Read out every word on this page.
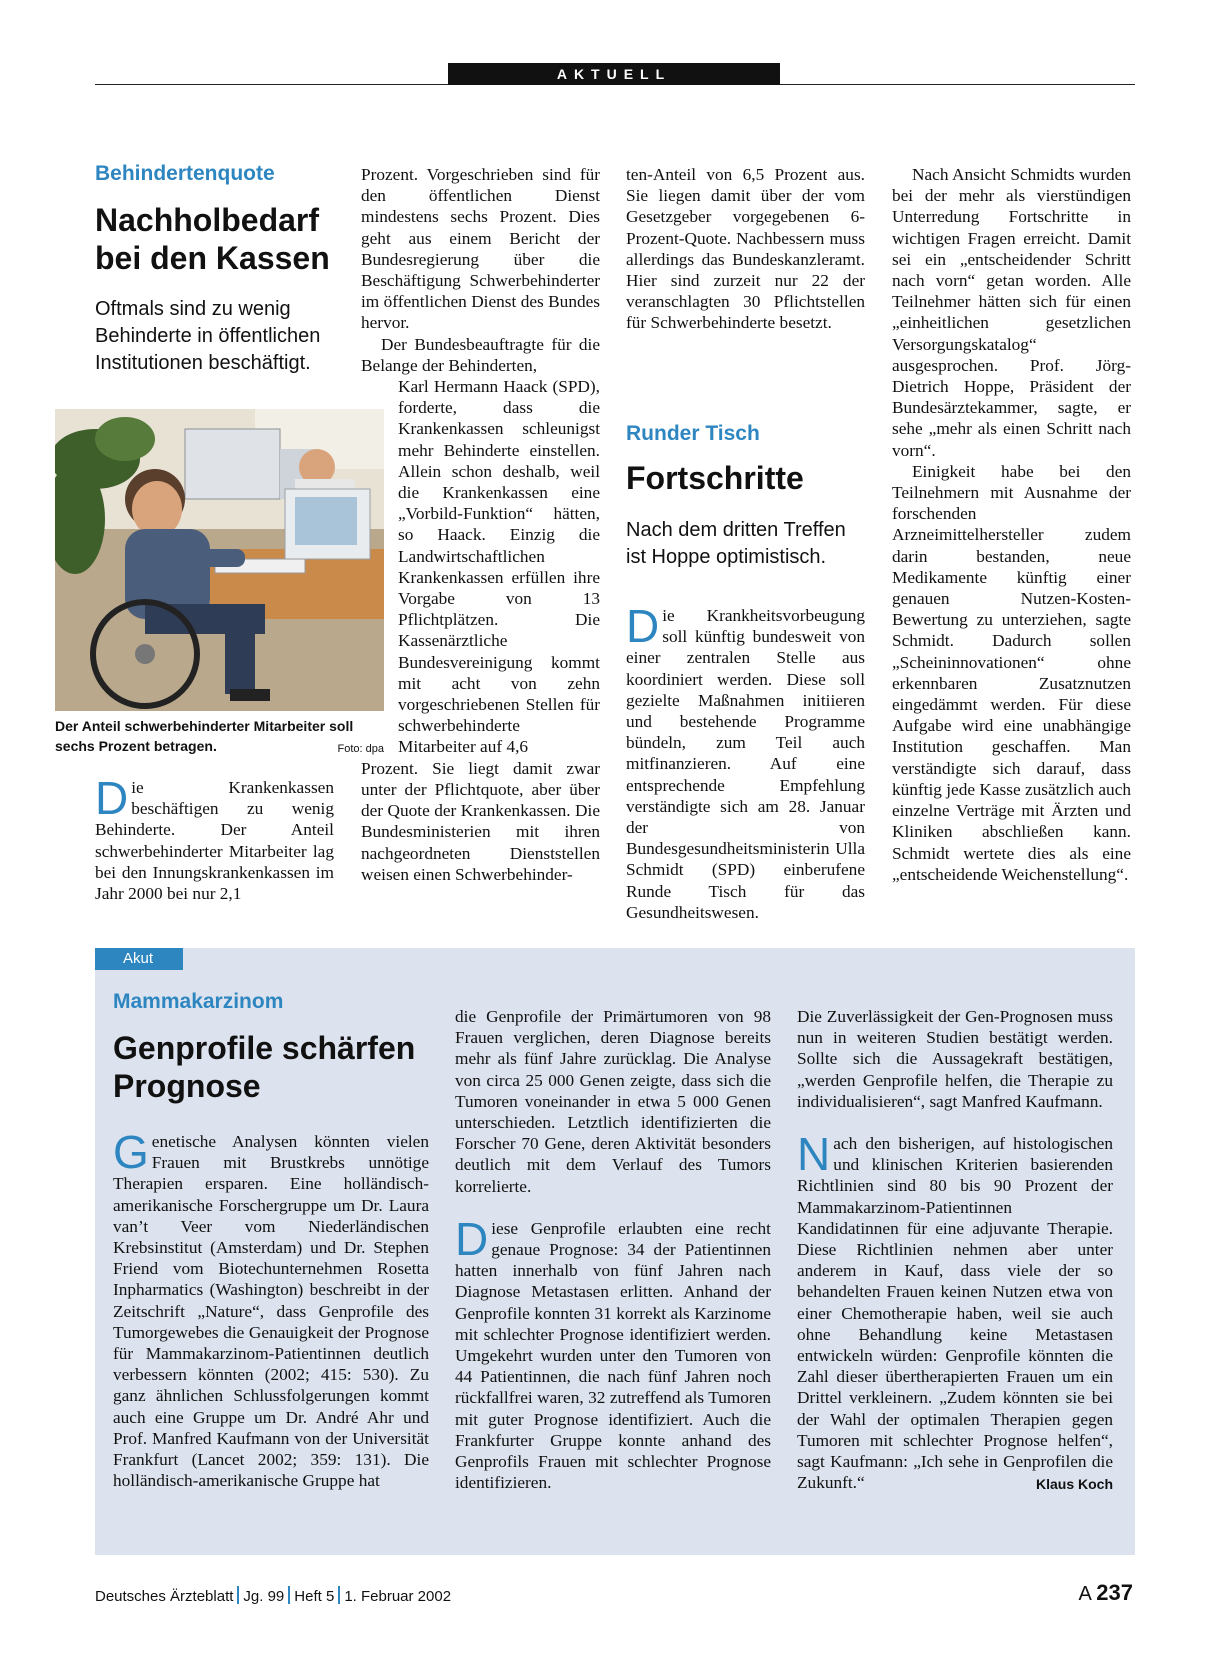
AKTUELL
Behindertenquote
Nachholbedarf
bei den Kassen
Oftmals sind zu wenig
Behinderte in öffentlichen
Institutionen beschäftigt.
Der Anteil schwerbehinderter Mitarbeiter soll sechs Prozent betragen.	Foto: dpa

Die Krankenkassen beschäftigen zu wenig Behinderte. Der Anteil schwerbehinderter Mitarbeiter lag bei den Innungskrankenkassen im Jahr 2000 bei nur 2,1

Prozent. Vorgeschrieben sind für den öffentlichen Dienst mindestens sechs Prozent. Dies geht aus einem Bericht der Bundesregierung über die Beschäftigung Schwerbehinderter im öffentlichen Dienst des Bundes hervor.

Der Bundesbeauftragte für die Belange der Behinderten,

Karl Hermann Haack (SPD), forderte, dass die Krankenkassen schleunigst mehr Behinderte einstellen. Allein schon deshalb, weil die Krankenkassen eine „Vorbild-Funktion“ hätten, so Haack. Einzig die Landwirtschaftlichen Krankenkassen erfüllen ihre Vorgabe von 13 Pflichtplätzen. Die Kassenärztliche Bundesvereinigung kommt mit acht von zehn vorgeschriebenen Stellen für schwerbehinderte Mitarbeiter auf 4,6

Prozent. Sie liegt damit zwar unter der Pflichtquote, aber über der Quote der Krankenkassen. Die Bundesministerien mit ihren nachgeordneten Dienststellen weisen einen Schwerbehinder-

ten-Anteil von 6,5 Prozent aus. Sie liegen damit über der vom Gesetzgeber vorgegebenen 6-Prozent-Quote. Nachbessern muss allerdings das Bundeskanzleramt. Hier sind zurzeit nur 22 der veranschlagten 30 Pflichtstellen für Schwerbehinderte besetzt.

Runder Tisch
Fortschritte
Nach dem dritten Treffen
ist Hoppe optimistisch.

Die Krankheitsvorbeugung soll künftig bundesweit von einer zentralen Stelle aus koordiniert werden. Diese soll gezielte Maßnahmen initiieren und bestehende Programme bündeln, zum Teil auch mitfinanzieren. Auf eine entsprechende Empfehlung verständigte sich am 28. Januar der von Bundesgesundheitsministerin Ulla Schmidt (SPD) einberufene Runde Tisch für das Gesundheitswesen.

Nach Ansicht Schmidts wurden bei der mehr als vierstündigen Unterredung Fortschritte in wichtigen Fragen erreicht. Damit sei ein „entscheidender Schritt nach vorn“ getan worden. Alle Teilnehmer hätten sich für einen „einheitlichen gesetzlichen Versorgungskatalog“ ausgesprochen. Prof. Jörg-Dietrich Hoppe, Präsident der Bundesärztekammer, sagte, er sehe „mehr als einen Schritt nach vorn“.

Einigkeit habe bei den Teilnehmern mit Ausnahme der forschenden Arzneimittelhersteller zudem darin bestanden, neue Medikamente künftig einer genauen Nutzen-Kosten-Bewertung zu unterziehen, sagte Schmidt. Dadurch sollen „Scheininnovationen“ ohne erkennbaren Zusatznutzen eingedämmt werden. Für diese Aufgabe wird eine unabhängige Institution geschaffen. Man verständigte sich darauf, dass künftig jede Kasse zusätzlich auch einzelne Verträge mit Ärzten und Kliniken abschließen kann. Schmidt wertete dies als eine „entscheidende Weichenstellung“.

Akut
Mammakarzinom
Genprofile schärfen
Prognose

Genetische Analysen könnten vielen Frauen mit Brustkrebs unnötige Therapien ersparen. Eine holländisch-amerikanische Forschergruppe um Dr. Laura van’t Veer vom Niederländischen Krebsinstitut (Amsterdam) und Dr. Stephen Friend vom Biotechunternehmen Rosetta Inpharmatics (Washington) beschreibt in der Zeitschrift „Nature“, dass Genprofile des Tumorgewebes die Genauigkeit der Prognose für Mammakarzinom-Patientinnen deutlich verbessern könnten (2002; 415: 530). Zu ganz ähnlichen Schlussfolgerungen kommt auch eine Gruppe um Dr. André Ahr und Prof. Manfred Kaufmann von der Universität Frankfurt (Lancet 2002; 359: 131). Die holländisch-amerikanische Gruppe hat

die Genprofile der Primärtumoren von 98 Frauen verglichen, deren Diagnose bereits mehr als fünf Jahre zurücklag. Die Analyse von circa 25 000 Genen zeigte, dass sich die Tumoren voneinander in etwa 5 000 Genen unterschieden. Letztlich identifizierten die Forscher 70 Gene, deren Aktivität besonders deutlich mit dem Verlauf des Tumors korrelierte.

Diese Genprofile erlaubten eine recht genaue Prognose: 34 der Patientinnen hatten innerhalb von fünf Jahren nach Diagnose Metastasen erlitten. Anhand der Genprofile konnten 31 korrekt als Karzinome mit schlechter Prognose identifiziert werden. Umgekehrt wurden unter den Tumoren von 44 Patientinnen, die nach fünf Jahren noch rückfallfrei waren, 32 zutreffend als Tumoren mit guter Prognose identifiziert. Auch die Frankfurter Gruppe konnte anhand des Genprofils Frauen mit schlechter Prognose identifizieren.

Die Zuverlässigkeit der Gen-Prognosen muss nun in weiteren Studien bestätigt werden. Sollte sich die Aussagekraft bestätigen, „werden Genprofile helfen, die Therapie zu individualisieren“, sagt Manfred Kaufmann.

Nach den bisherigen, auf histologischen und klinischen Kriterien basierenden Richtlinien sind 80 bis 90 Prozent der Mammakarzinom-Patientinnen Kandidatinnen für eine adjuvante Therapie. Diese Richtlinien nehmen aber unter anderem in Kauf, dass viele der so behandelten Frauen keinen Nutzen etwa von einer Chemotherapie haben, weil sie auch ohne Behandlung keine Metastasen entwickeln würden: Genprofile könnten die Zahl dieser übertherapierten Frauen um ein Drittel verkleinern. „Zudem könnten sie bei der Wahl der optimalen Therapien gegen Tumoren mit schlechter Prognose helfen“, sagt Kaufmann: „Ich sehe in Genprofilen die Zukunft.“	Klaus Koch

Deutsches Ärzteblatt Jg. 99 Heft 5 1. Februar 2002	A 237
